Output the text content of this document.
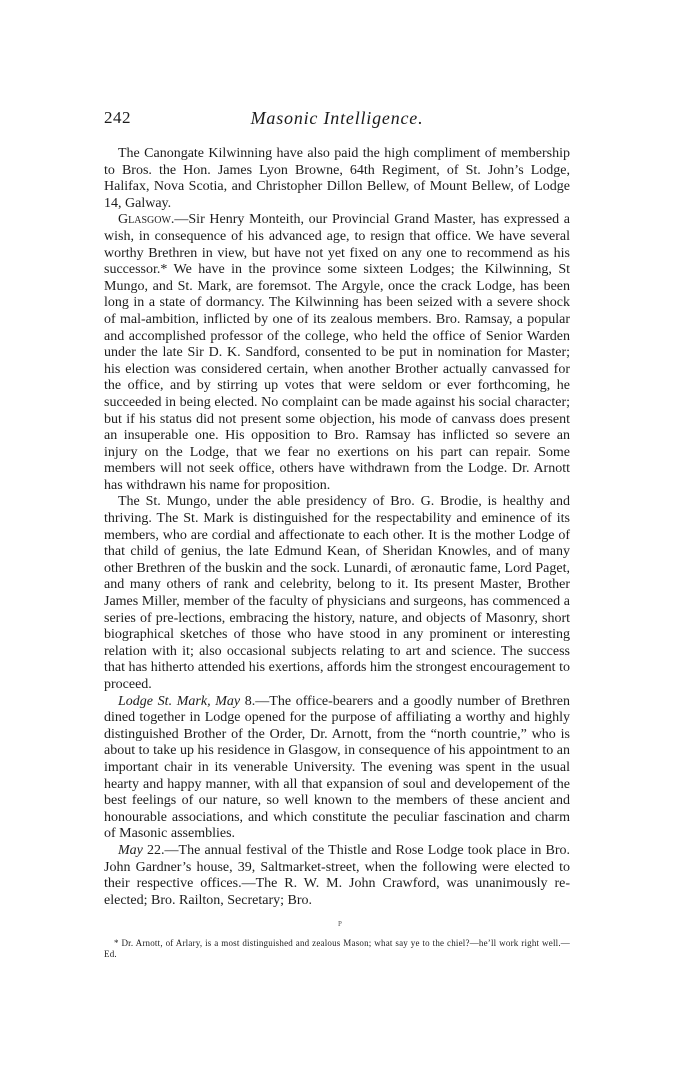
242	Masonic Intelligence.

The Canongate Kilwinning have also paid the high compliment of membership to Bros. the Hon. James Lyon Browne, 64th Regiment, of St. John’s Lodge, Halifax, Nova Scotia, and Christopher Dillon Bellew, of Mount Bellew, of Lodge 14, Galway.

Glasgow.—Sir Henry Monteith, our Provincial Grand Master, has expressed a wish, in consequence of his advanced age, to resign that office. We have several worthy Brethren in view, but have not yet fixed on any one to recommend as his successor.* We have in the province some sixteen Lodges; the Kilwinning, St Mungo, and St. Mark, are foremsot. The Argyle, once the crack Lodge, has been long in a state of dormancy. The Kilwinning has been seized with a severe shock of mal-ambition, inflicted by one of its zealous members. Bro. Ramsay, a popular and accomplished professor of the college, who held the office of Senior Warden under the late Sir D. K. Sandford, consented to be put in nomination for Master; his election was considered certain, when another Brother actually canvassed for the office, and by stirring up votes that were seldom or ever forthcoming, he succeeded in being elected. No complaint can be made against his social character; but if his status did not present some objection, his mode of canvass does present an insuperable one. His opposition to Bro. Ramsay has inflicted so severe an injury on the Lodge, that we fear no exertions on his part can repair. Some members will not seek office, others have withdrawn from the Lodge. Dr. Arnott has withdrawn his name for proposition.

The St. Mungo, under the able presidency of Bro. G. Brodie, is healthy and thriving. The St. Mark is distinguished for the respectability and eminence of its members, who are cordial and affectionate to each other. It is the mother Lodge of that child of genius, the late Edmund Kean, of Sheridan Knowles, and of many other Brethren of the buskin and the sock. Lunardi, of æronautic fame, Lord Paget, and many others of rank and celebrity, belong to it. Its present Master, Brother James Miller, member of the faculty of physicians and surgeons, has commenced a series of pre-lections, embracing the history, nature, and objects of Masonry, short biographical sketches of those who have stood in any prominent or interesting relation with it; also occasional subjects relating to art and science. The success that has hitherto attended his exertions, affords him the strongest encouragement to proceed.

Lodge St. Mark, May 8.—The office-bearers and a goodly number of Brethren dined together in Lodge opened for the purpose of affiliating a worthy and highly distinguished Brother of the Order, Dr. Arnott, from the “north countrie,” who is about to take up his residence in Glasgow, in consequence of his appointment to an important chair in its venerable University. The evening was spent in the usual hearty and happy manner, with all that expansion of soul and developement of the best feelings of our nature, so well known to the members of these ancient and honourable associations, and which constitute the peculiar fascination and charm of Masonic assemblies.

May 22.—The annual festival of the Thistle and Rose Lodge took place in Bro. John Gardner’s house, 39, Saltmarket-street, when the following were elected to their respective offices.—The R. W. M. John Crawford, was unanimously re-elected; Bro. Railton, Secretary; Bro.

P
* Dr. Arnott, of Arlary, is a most distinguished and zealous Mason; what say ye to the chiel?—he’ll work right well.—Ed.
